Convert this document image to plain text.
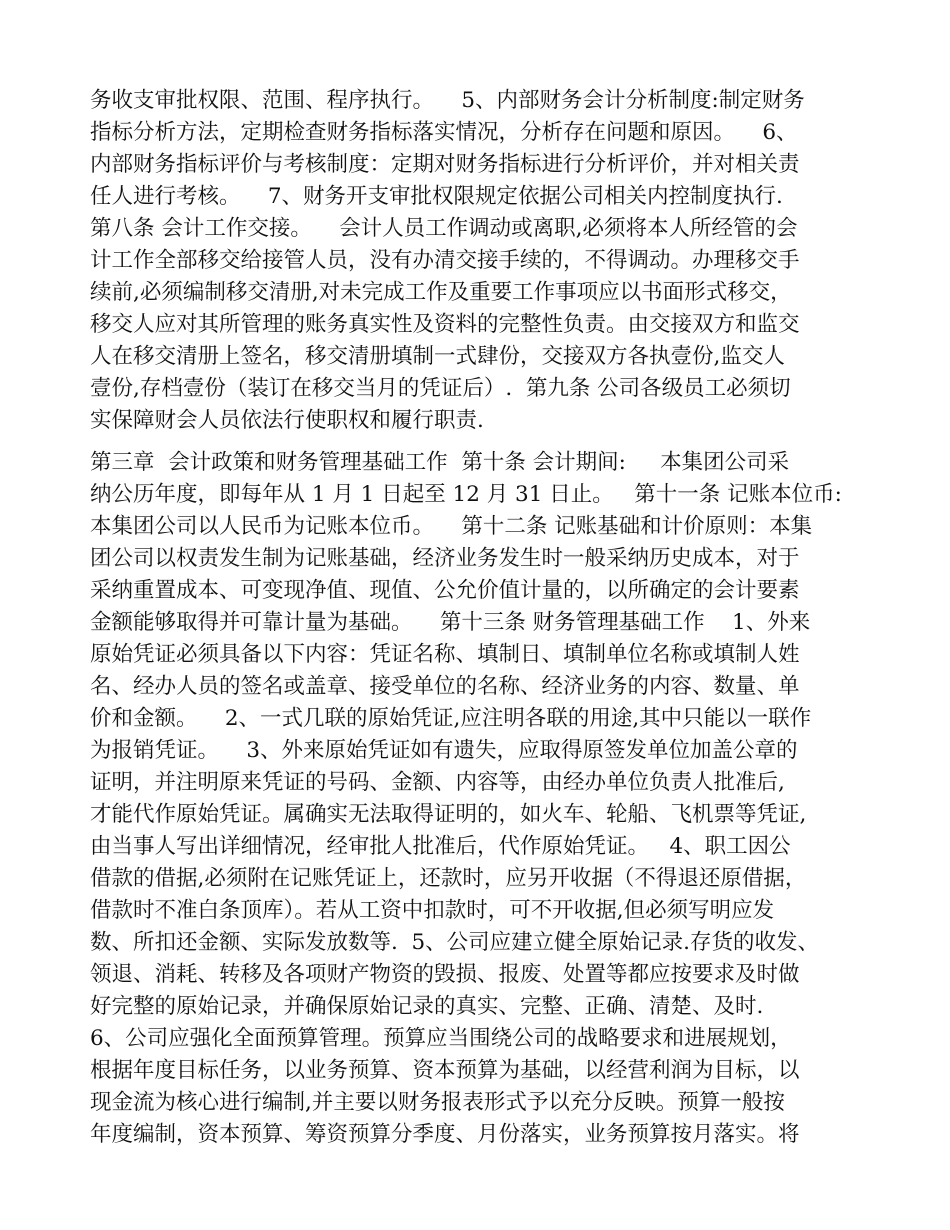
务收支审批权限、范围、程序执行。    5、内部财务会计分析制度:制定财务
指标分析方法，定期检查财务指标落实情况，分析存在问题和原因。    6、
内部财务指标评价与考核制度：定期对财务指标进行分析评价，并对相关责
任人进行考核。    7、财务开支审批权限规定依据公司相关内控制度执行.
第八条 会计工作交接。    会计人员工作调动或离职,必须将本人所经管的会
计工作全部移交给接管人员，没有办清交接手续的，不得调动。办理移交手
续前,必须编制移交清册,对未完成工作及重要工作事项应以书面形式移交，
移交人应对其所管理的账务真实性及资料的完整性负责。由交接双方和监交
人在移交清册上签名，移交清册填制一式肆份，交接双方各执壹份,监交人
壹份,存档壹份（装订在移交当月的凭证后）.  第九条 公司各级员工必须切
实保障财会人员依法行使职权和履行职责.
第三章  会计政策和财务管理基础工作  第十条 会计期间:     本集团公司采
纳公历年度，即每年从 1 月 1 日起至 12 月 31 日止。   第十一条 记账本位币:
本集团公司以人民币为记账本位币。    第十二条 记账基础和计价原则：本集
团公司以权责发生制为记账基础，经济业务发生时一般采纳历史成本，对于
采纳重置成本、可变现净值、现值、公允价值计量的，以所确定的会计要素
金额能够取得并可靠计量为基础。    第十三条 财务管理基础工作    1、外来
原始凭证必须具备以下内容：凭证名称、填制日、填制单位名称或填制人姓
名、经办人员的签名或盖章、接受单位的名称、经济业务的内容、数量、单
价和金额。    2、一式几联的原始凭证,应注明各联的用途,其中只能以一联作
为报销凭证。    3、外来原始凭证如有遗失，应取得原签发单位加盖公章的
证明，并注明原来凭证的号码、金额、内容等，由经办单位负责人批准后,
才能代作原始凭证。属确实无法取得证明的，如火车、轮船、飞机票等凭证,
由当事人写出详细情况，经审批人批准后，代作原始凭证。   4、职工因公
借款的借据,必须附在记账凭证上，还款时，应另开收据（不得退还原借据，
借款时不准白条顶库）。若从工资中扣款时，可不开收据,但必须写明应发
数、所扣还金额、实际发放数等.  5、公司应建立健全原始记录.存货的收发、
领退、消耗、转移及各项财产物资的毁损、报废、处置等都应按要求及时做
好完整的原始记录，并确保原始记录的真实、完整、正确、清楚、及时.
6、公司应强化全面预算管理。预算应当围绕公司的战略要求和进展规划，
根据年度目标任务，以业务预算、资本预算为基础，以经营利润为目标，以
现金流为核心进行编制,并主要以财务报表形式予以充分反映。预算一般按
年度编制，资本预算、筹资预算分季度、月份落实，业务预算按月落实。将
